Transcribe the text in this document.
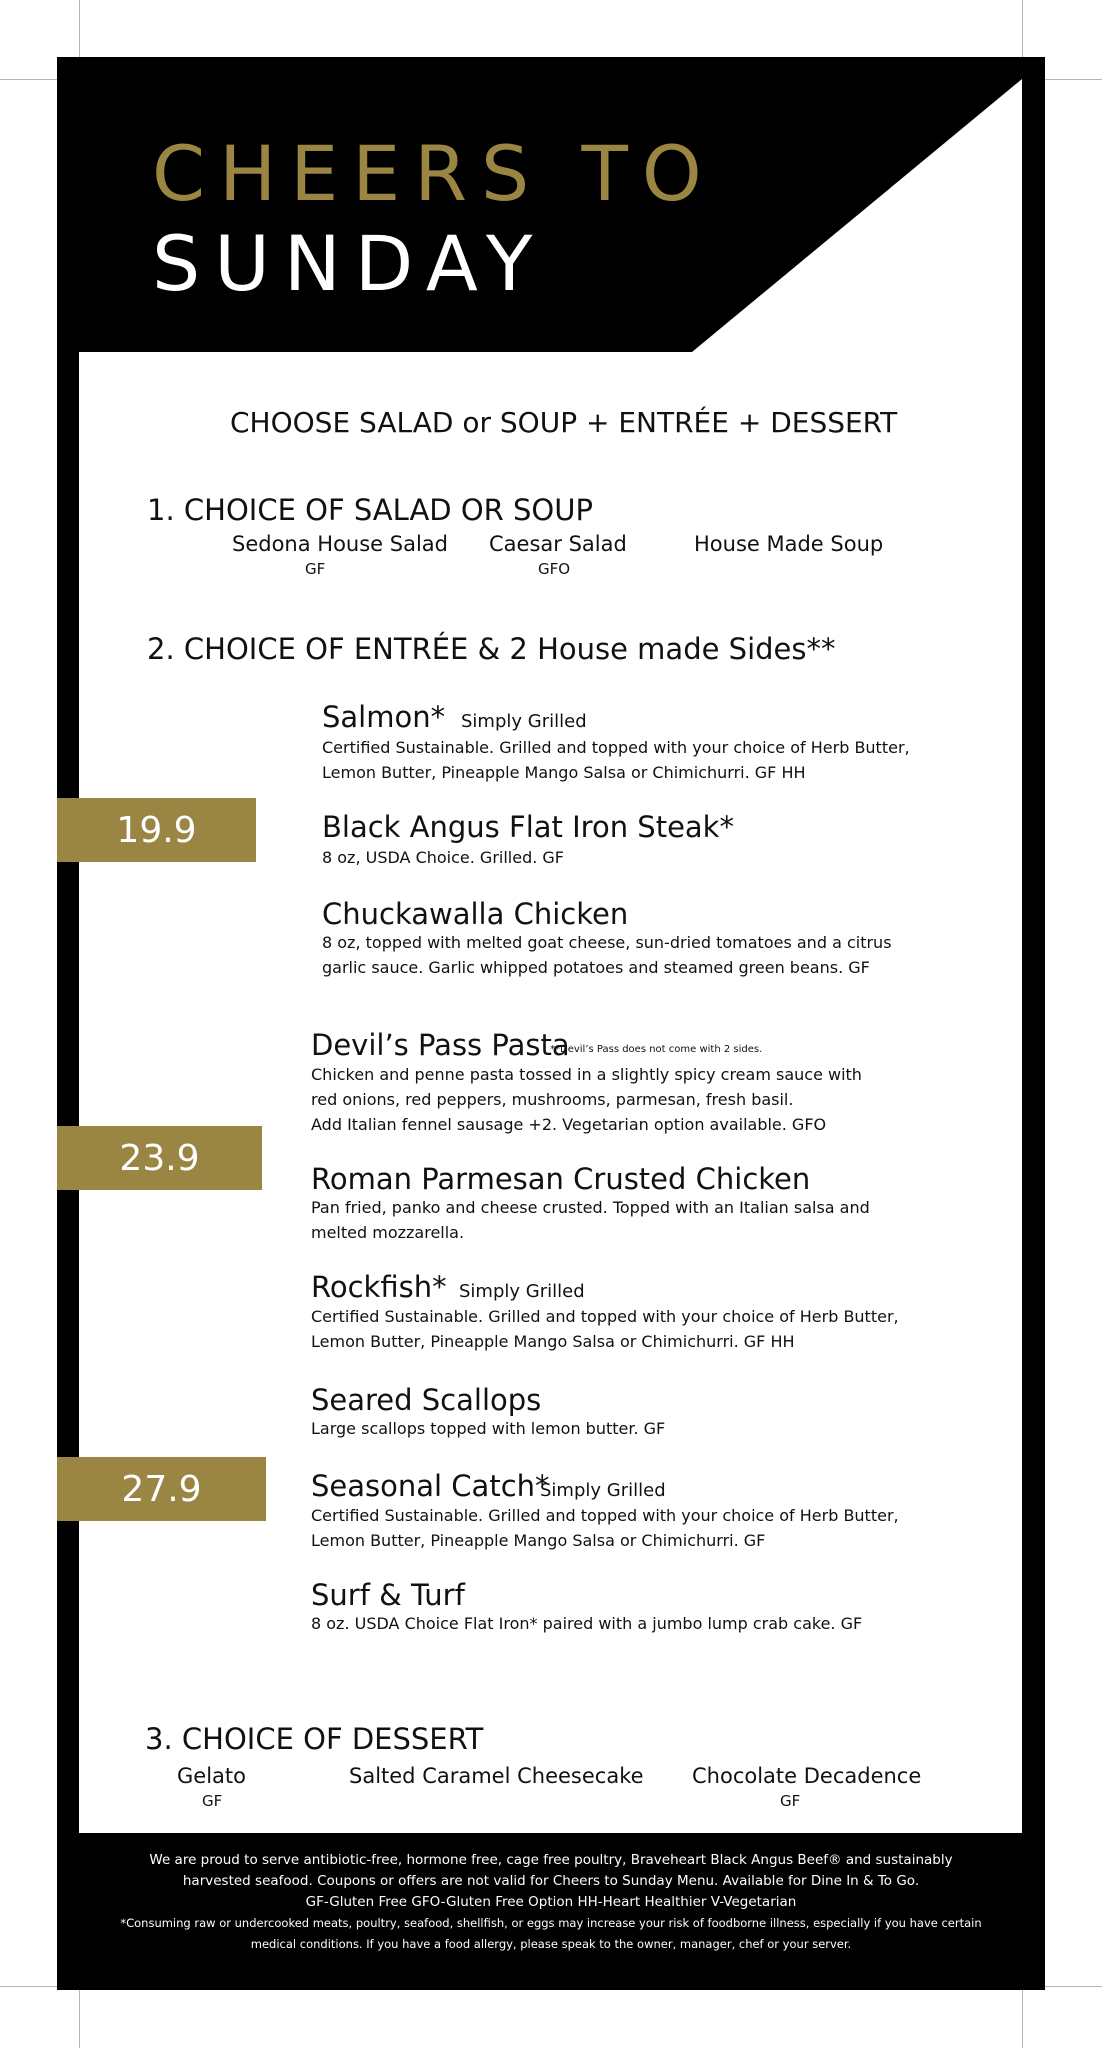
CHEERS TO
SUNDAY
CHOOSE SALAD or SOUP + ENTRÉE + DESSERT
1. CHOICE OF SALAD OR SOUP
Sedona House Salad
GF
Caesar Salad
GFO
House Made Soup
2. CHOICE OF ENTRÉE & 2 House made Sides**
19.9
23.9
27.9
Salmon* Simply Grilled
Certified Sustainable. Grilled and topped with your choice of Herb Butter, Lemon Butter, Pineapple Mango Salsa or Chimichurri. GF HH
Black Angus Flat Iron Steak*
8 oz, USDA Choice. Grilled. GF
Chuckawalla Chicken
8 oz, topped with melted goat cheese, sun-dried tomatoes and a citrus garlic sauce. Garlic whipped potatoes and steamed green beans. GF
Devil’s Pass Pasta
**Devil’s Pass does not come with 2 sides.
Chicken and penne pasta tossed in a slightly spicy cream sauce with red onions, red peppers, mushrooms, parmesan, fresh basil.
Add Italian fennel sausage +2. Vegetarian option available. GFO
Roman Parmesan Crusted Chicken
Pan fried, panko and cheese crusted. Topped with an Italian salsa and melted mozzarella.
Rockfish* Simply Grilled
Certified Sustainable. Grilled and topped with your choice of Herb Butter, Lemon Butter, Pineapple Mango Salsa or Chimichurri. GF HH
Seared Scallops
Large scallops topped with lemon butter. GF
Seasonal Catch*
Simply Grilled
Certified Sustainable. Grilled and topped with your choice of Herb Butter, Lemon Butter, Pineapple Mango Salsa or Chimichurri. GF
Surf & Turf
8 oz. USDA Choice Flat Iron* paired with a jumbo lump crab cake. GF
3. CHOICE OF DESSERT
Gelato
GF
Salted Caramel Cheesecake Chocolate Decadence
GF
We are proud to serve antibiotic-free, hormone free, cage free poultry, Braveheart Black Angus Beef® and sustainably
harvested seafood. Coupons or offers are not valid for Cheers to Sunday Menu. Available for Dine In & To Go.
GF-Gluten Free GFO-Gluten Free Option HH-Heart Healthier V-Vegetarian
*Consuming raw or undercooked meats, poultry, seafood, shellfish, or eggs may increase your risk of foodborne illness, especially if you have certain
medical conditions. If you have a food allergy, please speak to the owner, manager, chef or your server.
